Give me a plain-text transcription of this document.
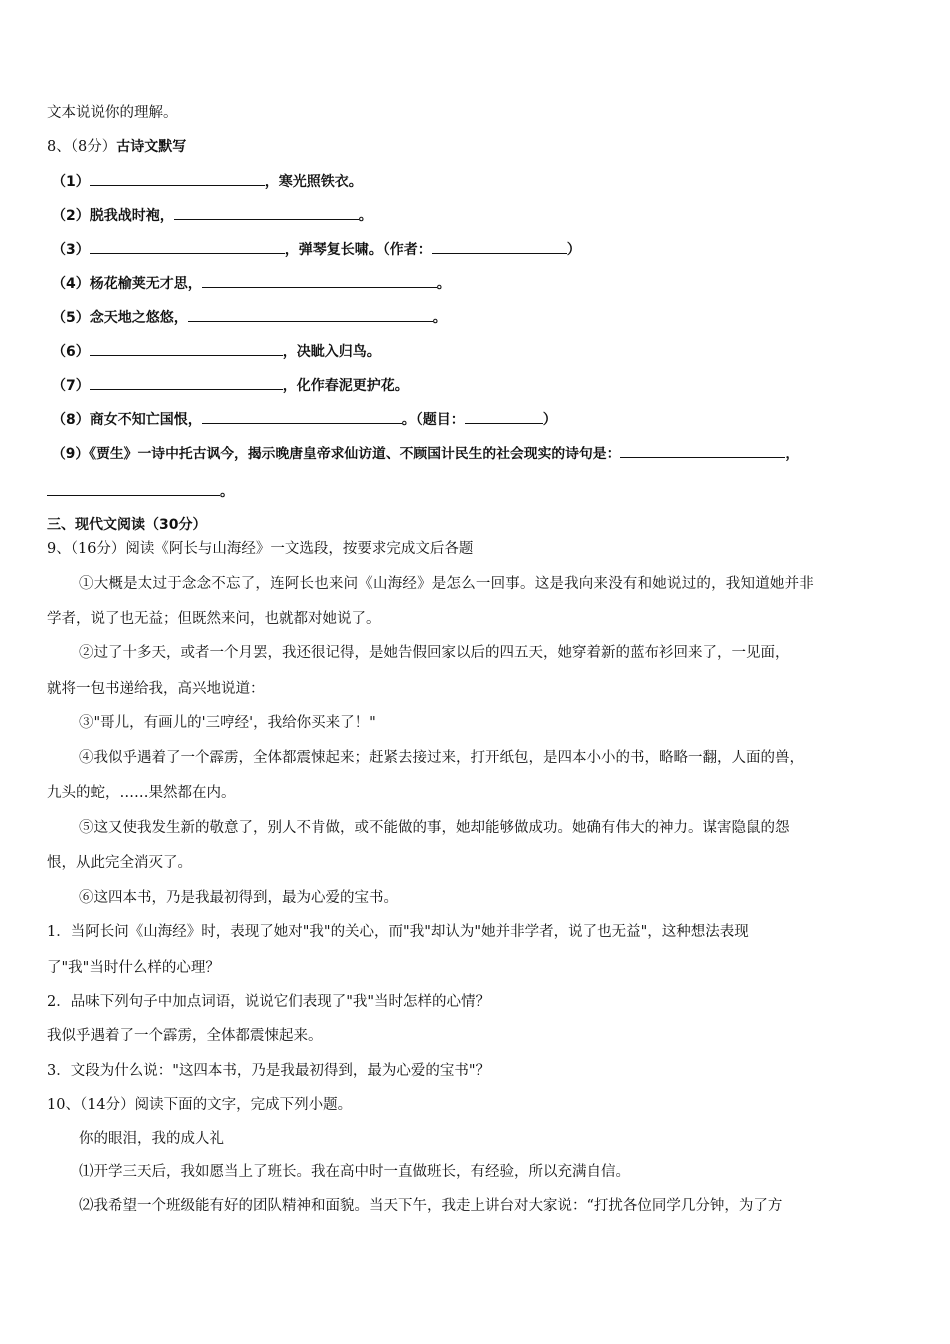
文本说说你的理解。
8、（8分）古诗文默写
（1）	，寒光照铁衣。
（2）脱我战时袍，	。
（3）	，弹琴复长啸。（作者：	）
（4）杨花榆荚无才思，	。
（5）念天地之悠悠，	。
（6）	，决眦入归鸟。
（7）	，化作春泥更护花。
（8）商女不知亡国恨，	。（题目：	）
（9）《贾生》一诗中托古讽今，揭示晚唐皇帝求仙访道、不顾国计民生的社会现实的诗句是：	，
。
三、现代文阅读（30分）
9、（16分）阅读《阿长与山海经》一文选段，按要求完成文后各题
①大概是太过于念念不忘了，连阿长也来问《山海经》是怎么一回事。这是我向来没有和她说过的，我知道她并非
学者，说了也无益；但既然来问，也就都对她说了。
②过了十多天，或者一个月罢，我还很记得，是她告假回家以后的四五天，她穿着新的蓝布衫回来了，一见面，
就将一包书递给我，高兴地说道：
③"哥儿，有画儿的'三哼经'，我给你买来了！"
④我似乎遇着了一个霹雳，全体都震悚起来；赶紧去接过来，打开纸包，是四本小小的书，略略一翻，人面的兽，
九头的蛇，……果然都在内。
⑤这又使我发生新的敬意了，别人不肯做，或不能做的事，她却能够做成功。她确有伟大的神力。谋害隐鼠的怨
恨，从此完全消灭了。
⑥这四本书，乃是我最初得到，最为心爱的宝书。
1．当阿长问《山海经》时，表现了她对"我"的关心，而"我"却认为"她并非学者，说了也无益"，这种想法表现
了"我"当时什么样的心理？
2．品味下列句子中加点词语，说说它们表现了"我"当时怎样的心情？
我似乎遇着了一个霹雳，全体都震悚起来。
3．文段为什么说："这四本书，乃是我最初得到，最为心爱的宝书"？
10、（14分）阅读下面的文字，完成下列小题。
你的眼泪，我的成人礼
⑴开学三天后，我如愿当上了班长。我在高中时一直做班长，有经验，所以充满自信。
⑵我希望一个班级能有好的团队精神和面貌。当天下午，我走上讲台对大家说：“打扰各位同学几分钟，为了方
